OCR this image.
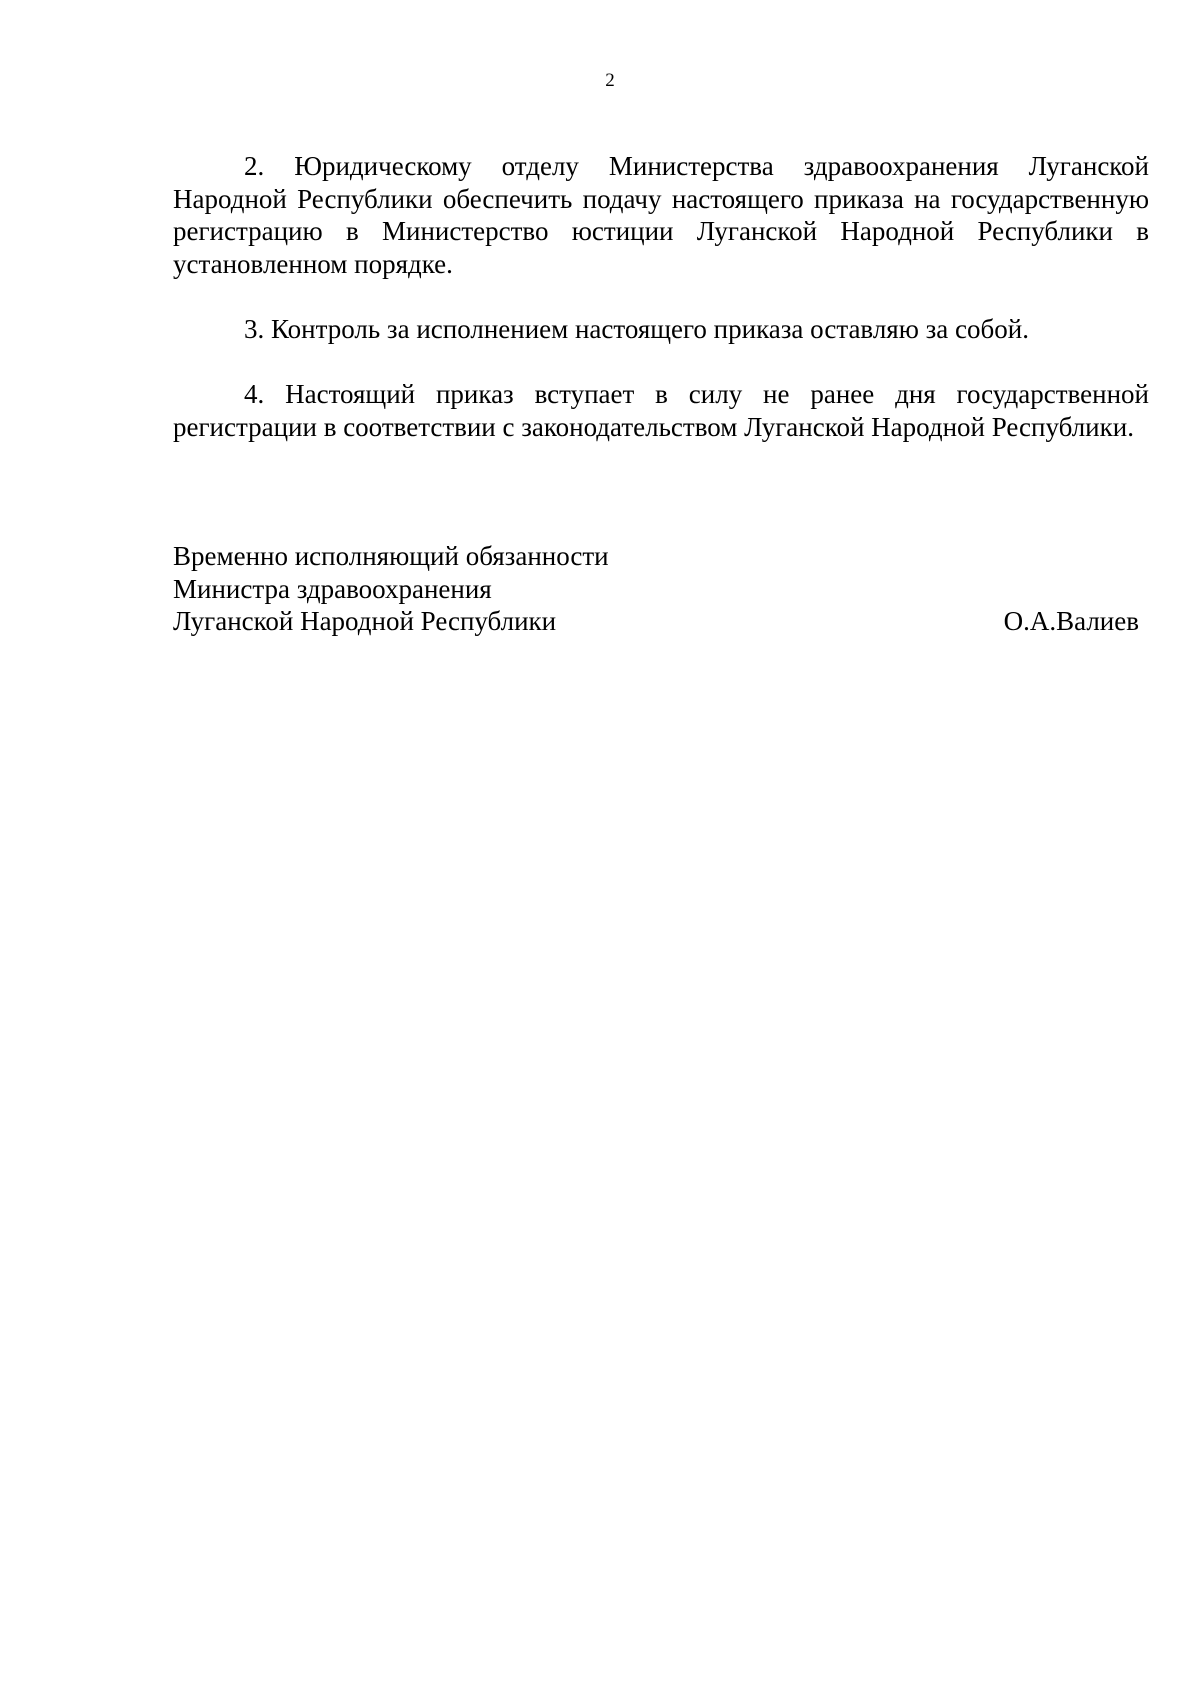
2

2. Юридическому отделу Министерства здравоохранения Луганской Народной Республики обеспечить подачу настоящего приказа на государственную регистрацию в Министерство юстиции Луганской Народной Республики в установленном порядке.

3. Контроль за исполнением настоящего приказа оставляю за собой.

4. Настоящий приказ вступает в силу не ранее дня государственной регистрации в соответствии с законодательством Луганской Народной Республики.

Временно исполняющий обязанности
Министра здравоохранения
Луганской Народной Республики	О.А.Валиев
